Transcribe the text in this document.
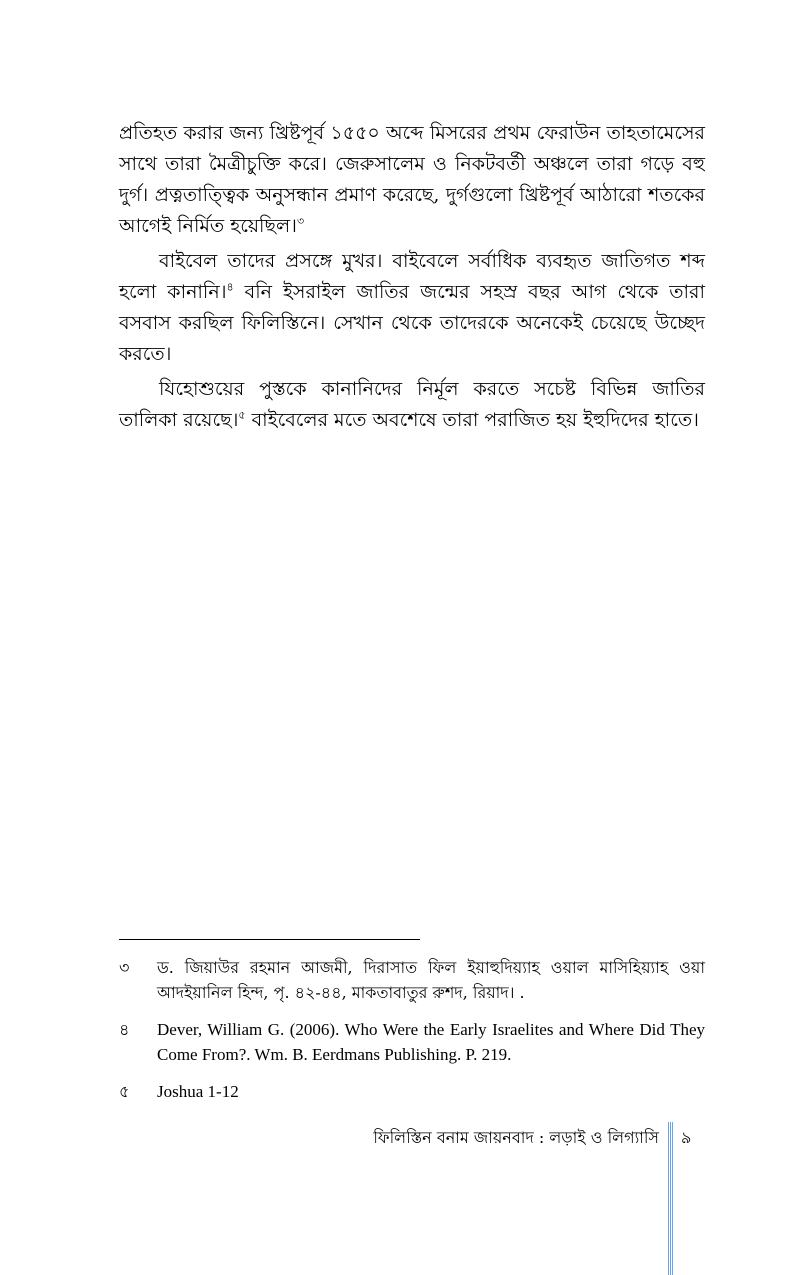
প্রতিহত করার জন্য খ্রিষ্টপূর্ব ১৫৫০ অব্দে মিসরের প্রথম ফেরাউন তাহতামেসের সাথে তারা মৈত্রীচুক্তি করে। জেরুসালেম ও নিকটবর্তী অঞ্চলে তারা গড়ে বহু দুর্গ। প্রত্নতাত্ত্বিক অনুসন্ধান প্রমাণ করেছে, দুর্গগুলো খ্রিষ্টপূর্ব আঠারো শতকের আগেই নির্মিত হয়েছিল।$^৩$

বাইবেল তাদের প্রসঙ্গে মুখর। বাইবেলে সর্বাধিক ব্যবহৃত জাতিগত শব্দ হলো কানানি।$^৪$ বনি ইসরাইল জাতির জন্মের সহস্র বছর আগ থেকে তারা বসবাস করছিল ফিলিস্তিনে। সেখান থেকে তাদেরকে অনেকেই চেয়েছে উচ্ছেদ করতে।

যিহোশুয়ের পুস্তকে কানানিদের নির্মূল করতে সচেষ্ট বিভিন্ন জাতির তালিকা রয়েছে।$^৫$ বাইবেলের মতে অবশেষে তারা পরাজিত হয় ইহুদিদের হাতে।

৩	ড. জিয়াউর রহমান আজমী, দিরাসাত ফিল ইয়াহুদিয়্যাহ ওয়াল মাসিহিয়্যাহ ওয়া আদইয়ানিল হিন্দ, পৃ. ৪২-৪৪, মাকতাবাতুর রুশদ, রিয়াদ। .
৪	Dever, William G. (2006). Who Were the Early Israelites and Where Did They Come From?. Wm. B. Eerdmans Publishing. P. 219.
৫	Joshua 1-12
ফিলিস্তিন বনাম জায়নবাদ : লড়াই ও লিগ্যাসি ৯
